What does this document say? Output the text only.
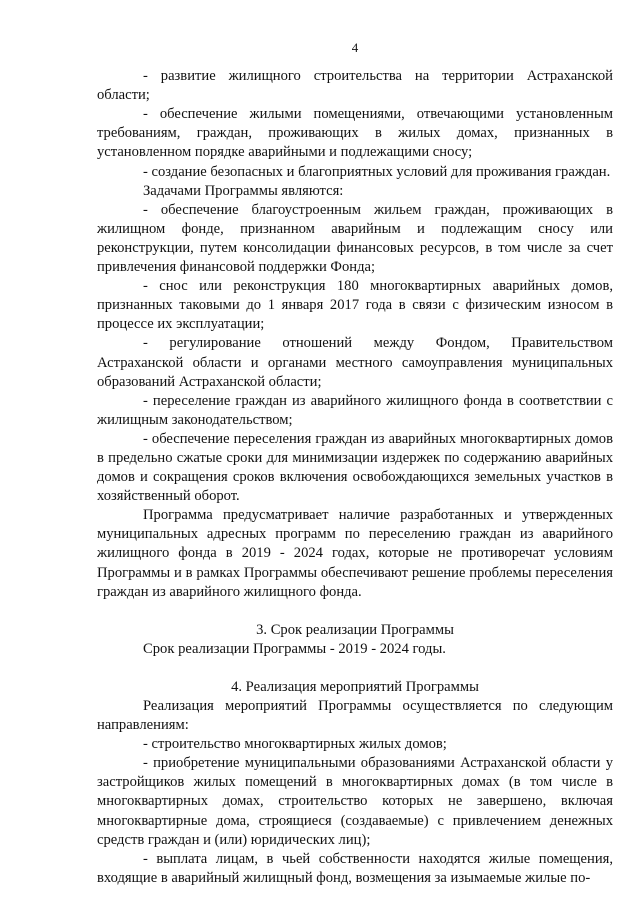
4

- развитие жилищного строительства на территории Астраханской области;

- обеспечение жилыми помещениями, отвечающими установленным требованиям, граждан, проживающих в жилых домах, признанных в установленном порядке аварийными и подлежащими сносу;

- создание безопасных и благоприятных условий для проживания граждан.

Задачами Программы являются:

- обеспечение благоустроенным жильем граждан, проживающих в жилищном фонде, признанном аварийным и подлежащим сносу или реконструкции, путем консолидации финансовых ресурсов, в том числе за счет привлечения финансовой поддержки Фонда;

- снос или реконструкция 180 многоквартирных аварийных домов, признанных таковыми до 1 января 2017 года в связи с физическим износом в процессе их эксплуатации;

- регулирование отношений между Фондом, Правительством Астраханской области и органами местного самоуправления муниципальных образований Астраханской области;

- переселение граждан из аварийного жилищного фонда в соответствии с жилищным законодательством;

- обеспечение переселения граждан из аварийных многоквартирных домов в предельно сжатые сроки для минимизации издержек по содержанию аварийных домов и сокращения сроков включения освобождающихся земельных участков в хозяйственный оборот.

Программа предусматривает наличие разработанных и утвержденных муниципальных адресных программ по переселению граждан из аварийного жилищного фонда в 2019 - 2024 годах, которые не противоречат условиям Программы и в рамках Программы обеспечивают решение проблемы переселения граждан из аварийного жилищного фонда.

3. Срок реализации Программы

Срок реализации Программы - 2019 - 2024 годы.

4. Реализация мероприятий Программы

Реализация мероприятий Программы осуществляется по следующим направлениям:

- строительство многоквартирных жилых домов;

- приобретение муниципальными образованиями Астраханской области у застройщиков жилых помещений в многоквартирных домах (в том числе в многоквартирных домах, строительство которых не завершено, включая многоквартирные дома, строящиеся (создаваемые) с привлечением денежных средств граждан и (или) юридических лиц);

- выплата лицам, в чьей собственности находятся жилые помещения, входящие в аварийный жилищный фонд, возмещения за изымаемые жилые по-
